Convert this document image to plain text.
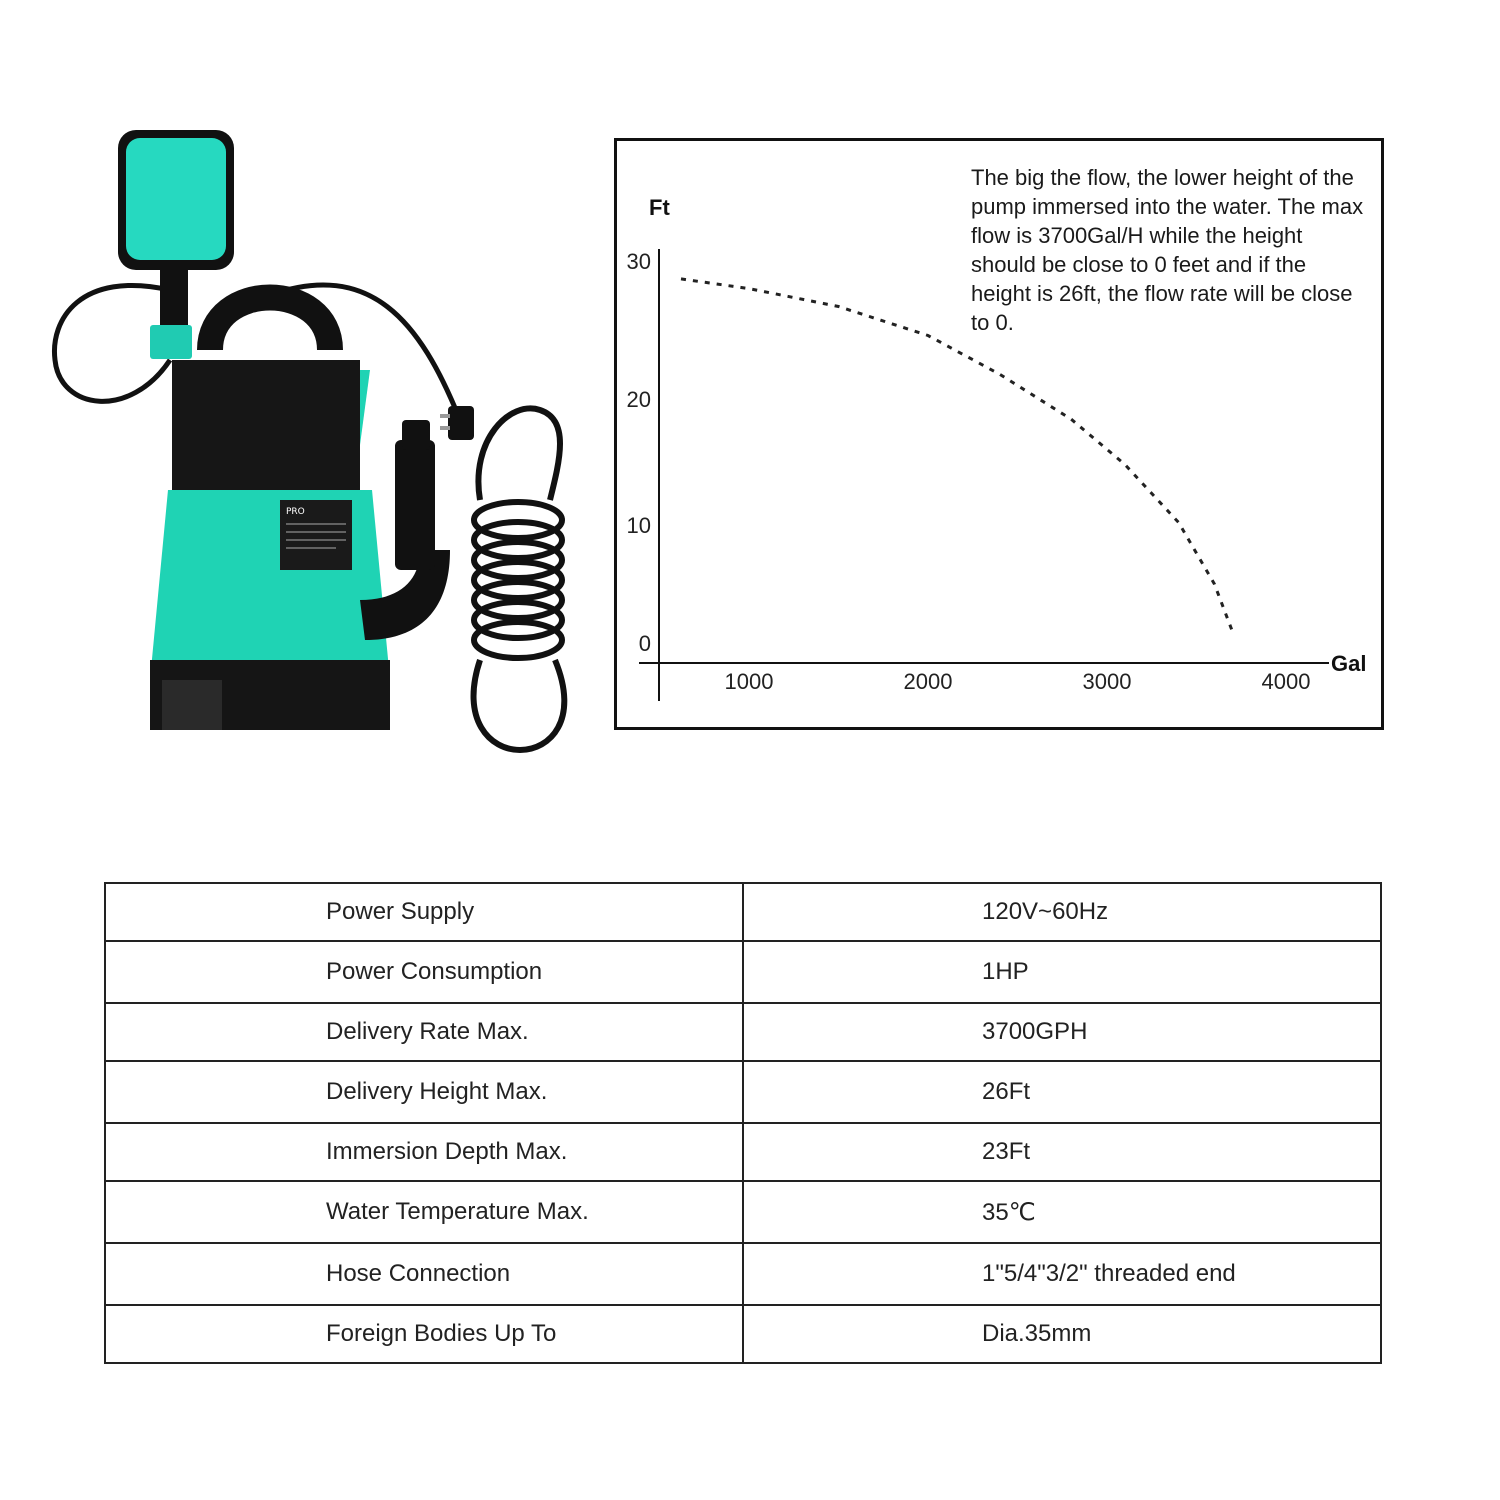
PRO
Ft
Gal
1000	2000	3000	4000
0
10
20
30
The big the flow, the lower height of the pump immersed into the water. The max flow is 3700Gal/H while the height should be close to 0 feet and if the height is 26ft, the flow rate will be close to 0.
Power Supply	120V~60Hz
Power Consumption	1HP
Delivery Rate Max.	3700GPH
Delivery Height Max.	26Ft
Immersion Depth Max.	23Ft
Water Temperature Max.	35℃
Hose Connection	1"5/4"3/2" threaded end
Foreign Bodies Up To	Dia.35mm
